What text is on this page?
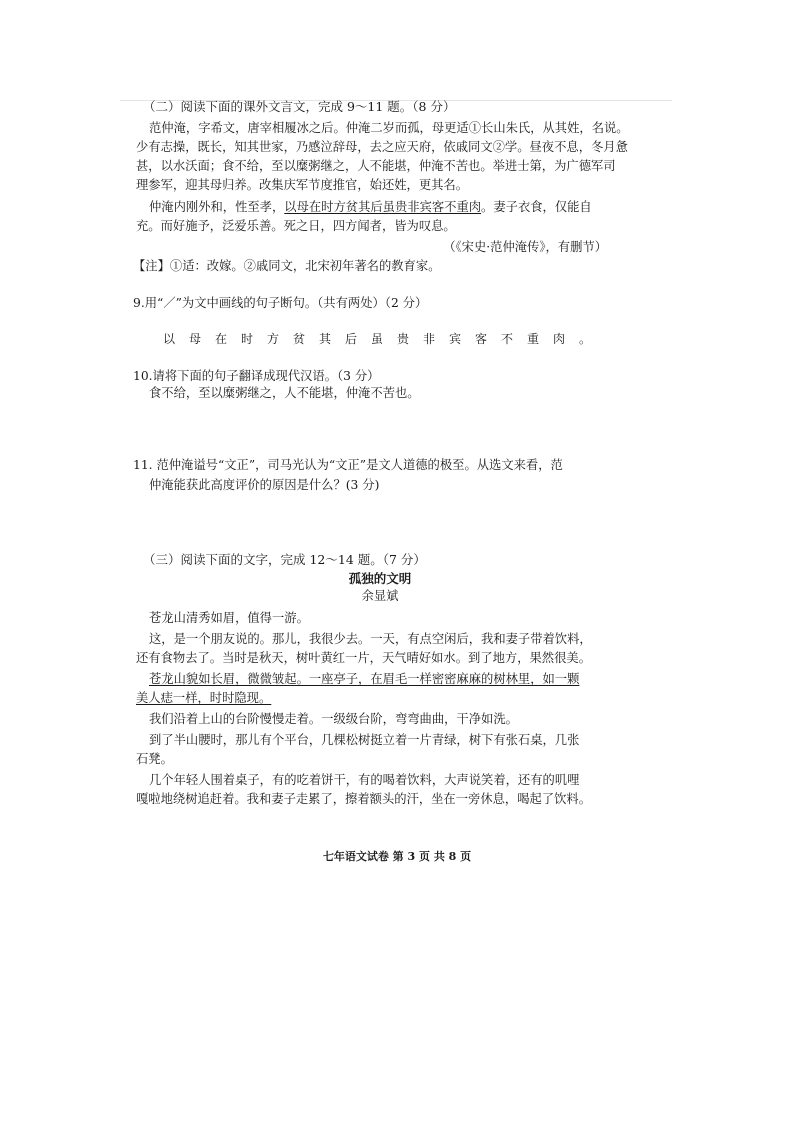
（二）阅读下面的课外文言文，完成 9～11 题。（8 分）
范仲淹，字希文，唐宰相履冰之后。仲淹二岁而孤，母更适①长山朱氏，从其姓，名说。
少有志操，既长，知其世家，乃感泣辞母，去之应天府，依戚同文②学。昼夜不息，冬月惫
甚，以水沃面；食不给，至以糜粥继之，人不能堪，仲淹不苦也。举进士第，为广德军司
理参军，迎其母归养。改集庆军节度推官，始还姓，更其名。
仲淹内刚外和，性至孝，以母在时方贫其后虽贵非宾客不重肉。妻子衣食，仅能自
充。而好施予，泛爱乐善。死之日，四方闻者，皆为叹息。
（《宋史·范仲淹传》，有删节）
【注】①适：改嫁。②戚同文，北宋初年著名的教育家。
9.用“／”为文中画线的句子断句。（共有两处）（2 分）
以母在时方贫其后虽贵非宾客不重肉。
10.请将下面的句子翻译成现代汉语。（3 分）
食不给，至以糜粥继之，人不能堪，仲淹不苦也。
11. 范仲淹谥号“文正”，司马光认为“文正”是文人道德的极至。从选文来看，范
仲淹能获此高度评价的原因是什么？(3 分)
（三）阅读下面的文字，完成 12～14 题。（7 分）
孤独的文明
余显斌
苍龙山清秀如眉，值得一游。
这，是一个朋友说的。那儿，我很少去。一天，有点空闲后，我和妻子带着饮料，
还有食物去了。当时是秋天，树叶黄红一片，天气晴好如水。到了地方，果然很美。
苍龙山貌如长眉，微微皱起。一座亭子，在眉毛一样密密麻麻的树林里，如一颗
美人痣一样，时时隐现。
我们沿着上山的台阶慢慢走着。一级级台阶，弯弯曲曲，干净如洗。
到了半山腰时，那儿有个平台，几棵松树挺立着一片青绿，树下有张石桌，几张
石凳。
几个年轻人围着桌子，有的吃着饼干，有的喝着饮料，大声说笑着，还有的叽哩
嘎啦地绕树追赶着。我和妻子走累了，擦着额头的汗，坐在一旁休息，喝起了饮料。
七年语文试卷 第 3 页 共 8 页
